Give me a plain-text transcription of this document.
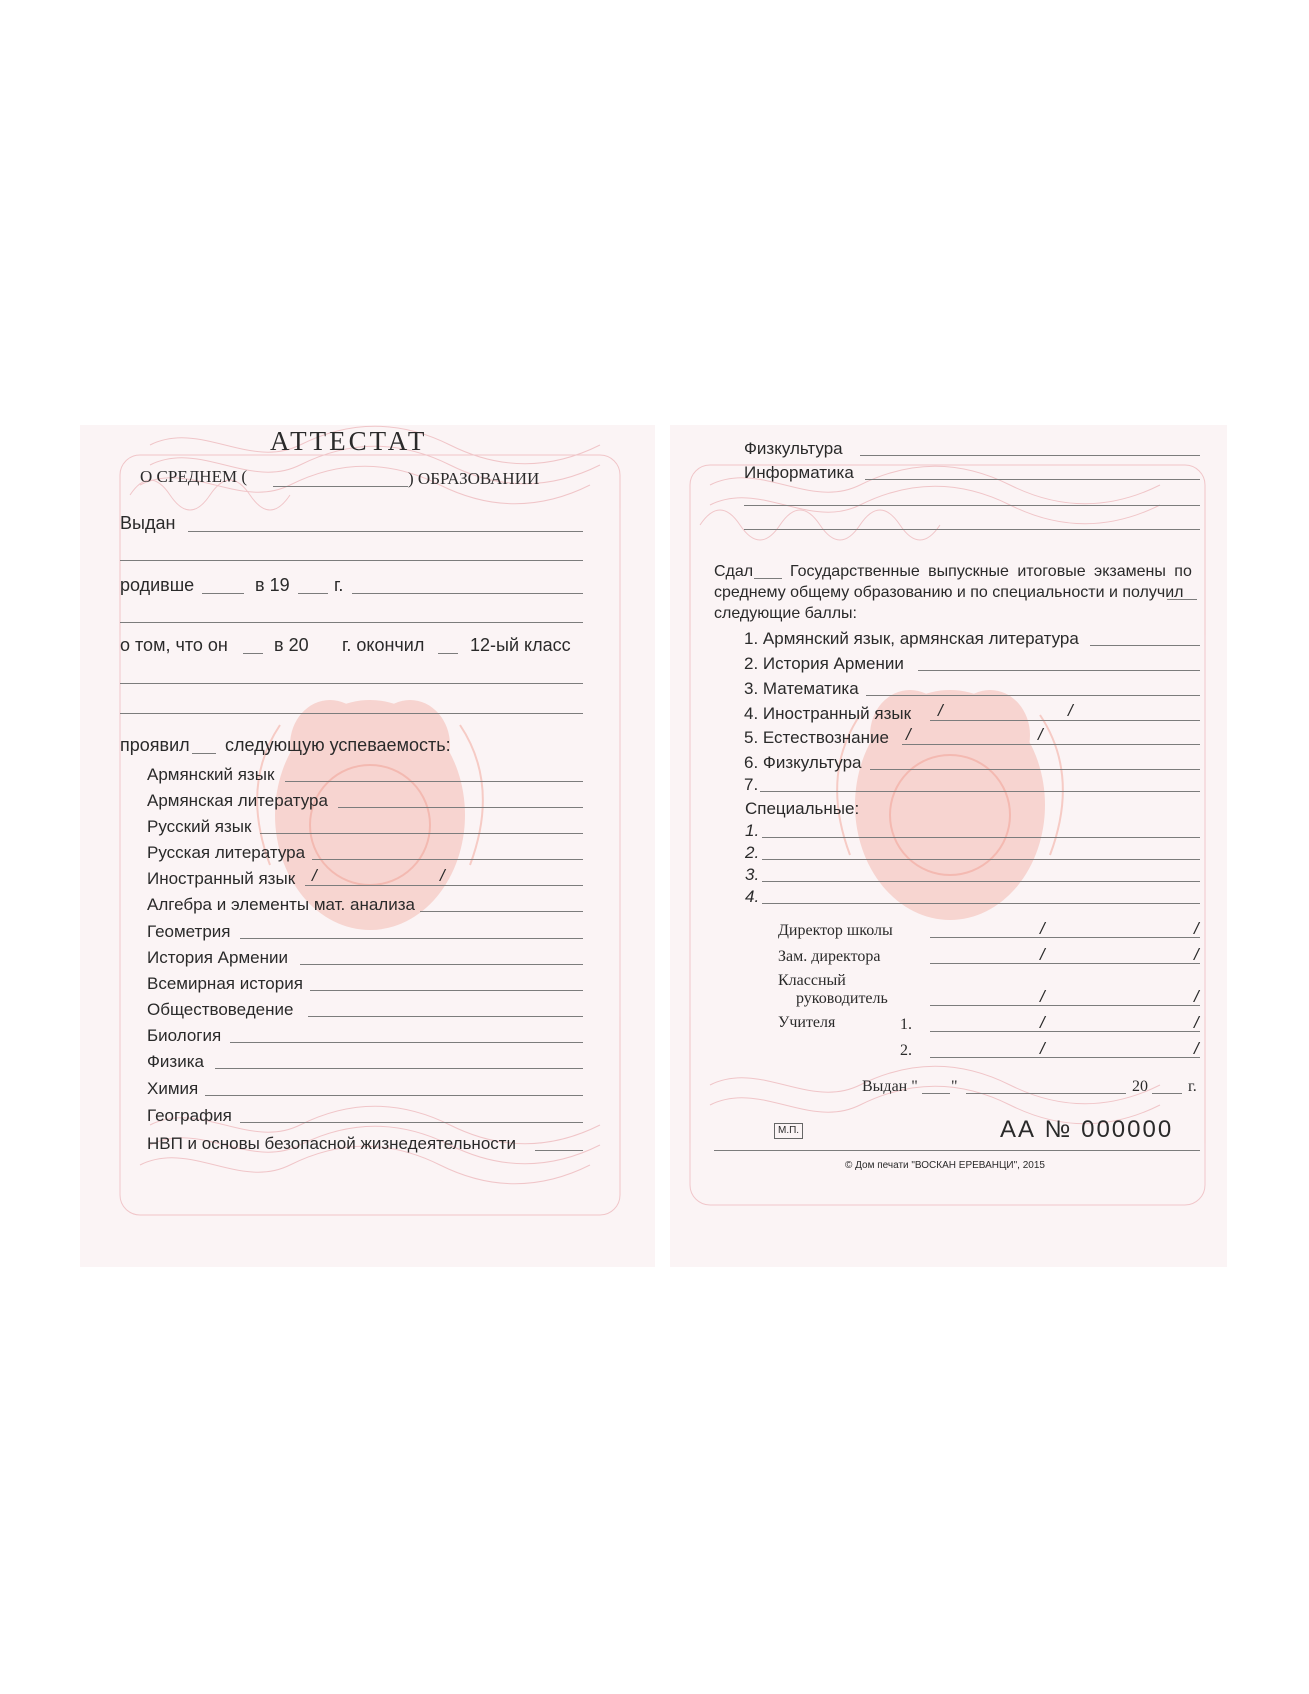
АТТЕСТАТ
О СРЕДНЕМ (	) ОБРАЗОВАНИИ
Выдан
родивше	в 19 г.
о том, что он	в 20 г. окончил	12-ый класс
проявил следующую успеваемость:
Армянский язык
Армянская литература
Русский язык
Русская литература
Иностранный язык /	/
Алгебра и элементы мат. анализа
Геометрия
История Армении
Всемирная история
Обществоведение
Биология
Физика
Химия
География
НВП и основы безопасной жизнедеятельности
Физкультура
Информатика
Сдал Государственные выпускные итоговые экзамены по
среднему общему образованию и по специальности и получил
следующие баллы:
1. Армянский язык, армянская литература
2. История Армении
3. Математика
4. Иностранный язык /	/
5. Естествознание /	/
6. Физкультура
7.
Специальные:
1.
2.
3.
4.
Директор школы	/	/
Зам. директора	/	/
Классный
руководитель	/	/
Учителя	1.	/	/
2.	/	/
Выдан " "	20	г.
М.П.	АА № 000000
© Дом печати "ВОСКАН ЕРЕВАНЦИ", 2015
